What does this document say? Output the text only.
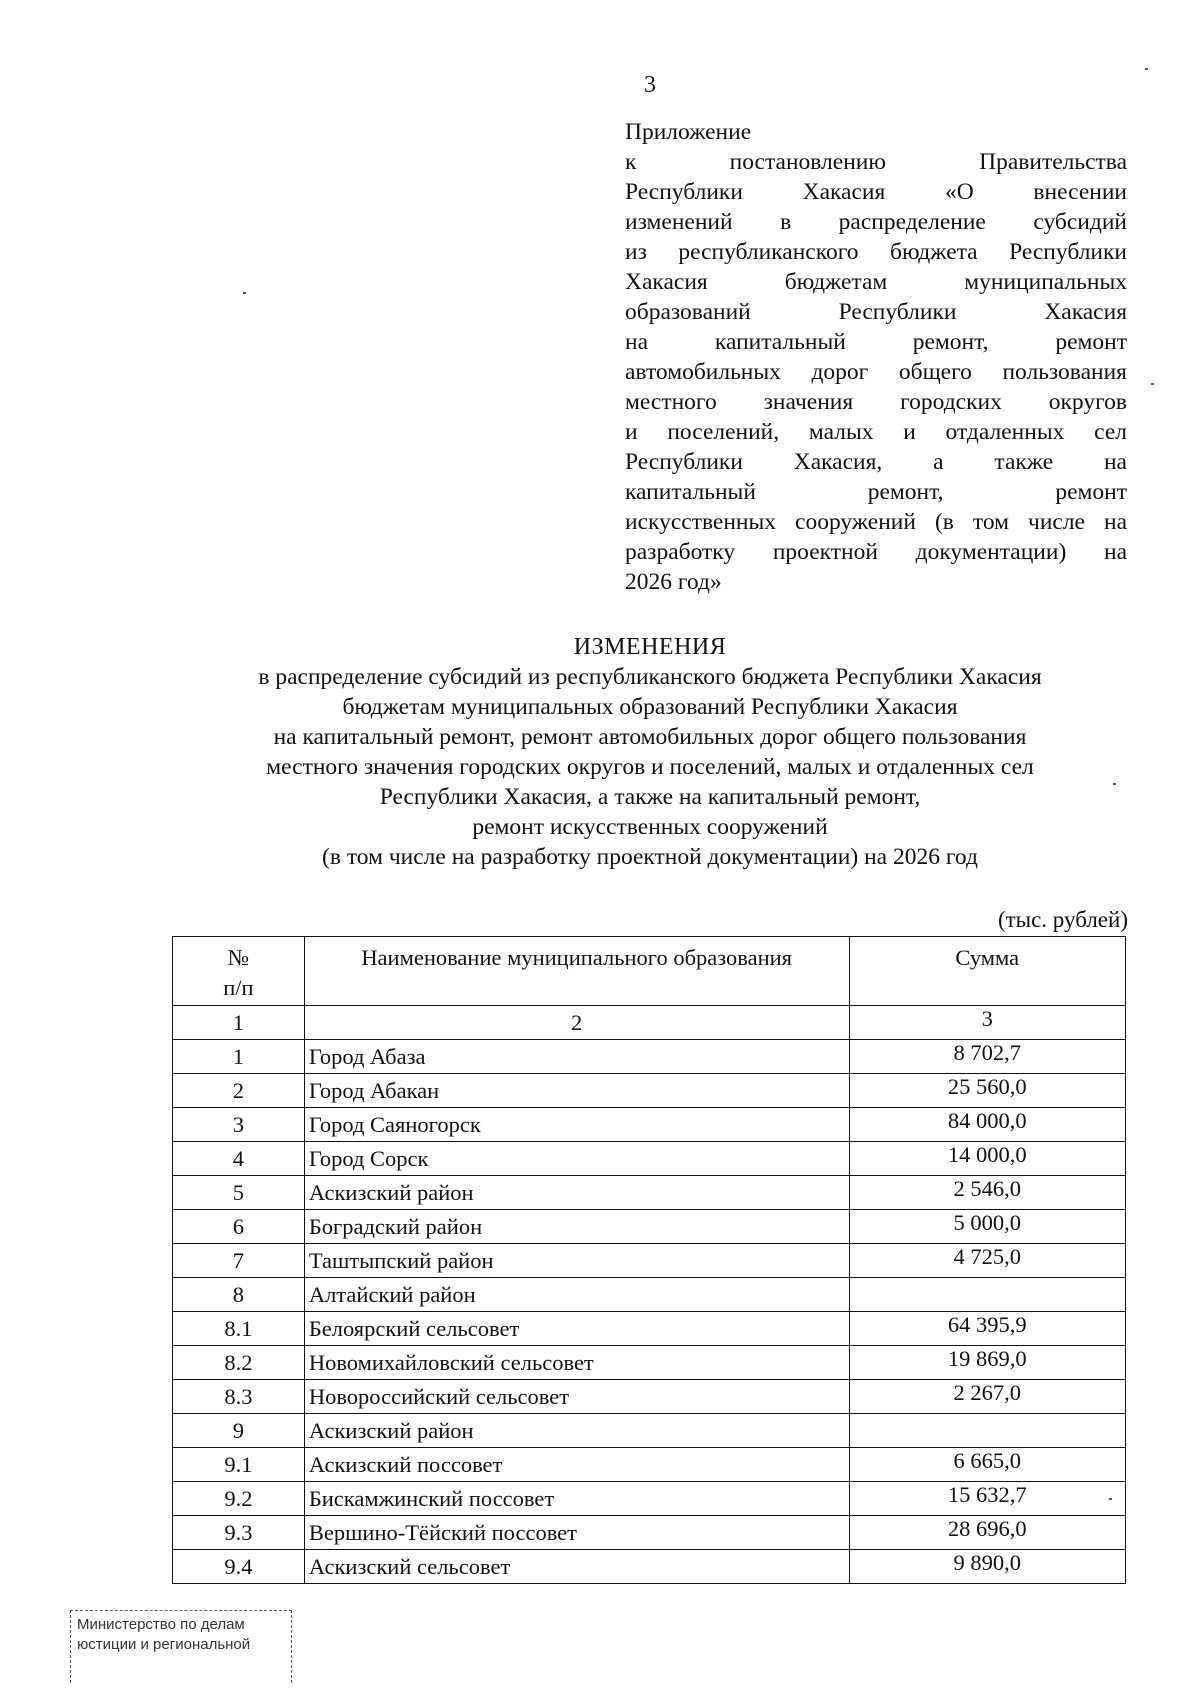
3
Приложение
к постановлению Правительства
Республики Хакасия «О внесении
изменений в распределение субсидий
из республиканского бюджета Республики
Хакасия бюджетам муниципальных
образований Республики Хакасия
на капитальный ремонт, ремонт
автомобильных дорог общего пользования
местного значения городских округов
и поселений, малых и отдаленных сел
Республики Хакасия, а также на
капитальный ремонт, ремонт
искусственных сооружений (в том числе на
разработку проектной документации) на
2026 год»
ИЗМЕНЕНИЯ
в распределение субсидий из республиканского бюджета Республики Хакасия
бюджетам муниципальных образований Республики Хакасия
на капитальный ремонт, ремонт автомобильных дорог общего пользования
местного значения городских округов и поселений, малых и отдаленных сел
Республики Хакасия, а также на капитальный ремонт,
ремонт искусственных сооружений
(в том числе на разработку проектной документации) на 2026 год
(тыс. рублей)
№
п/п	Наименование муниципального образования	Сумма
1	2	3
1	Город Абаза	8 702,7
2	Город Абакан	25 560,0
3	Город Саяногорск	84 000,0
4	Город Сорск	14 000,0
5	Аскизский район	2 546,0
6	Боградский район	5 000,0
7	Таштыпский район	4 725,0
8	Алтайский район	
8.1	Белоярский сельсовет	64 395,9
8.2	Новомихайловский сельсовет	19 869,0
8.3	Новороссийский сельсовет	2 267,0
9	Аскизский район	
9.1	Аскизский поссовет	6 665,0
9.2	Бискамжинский поссовет	15 632,7
9.3	Вершино-Тёйский поссовет	28 696,0
9.4	Аскизский сельсовет	9 890,0
Министерство по делам
юстиции и региональной
